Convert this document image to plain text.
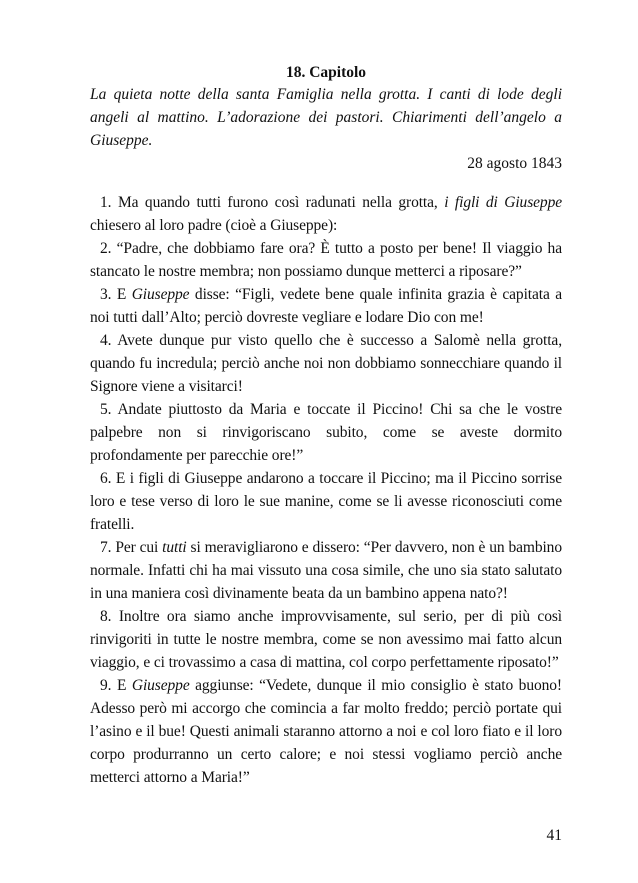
18. Capitolo

La quieta notte della santa Famiglia nella grotta. I canti di lode degli angeli al mattino. L’adorazione dei pastori. Chiarimenti dell’angelo a Giuseppe.

28 agosto 1843

1. Ma quando tutti furono così radunati nella grotta, i figli di Giuseppe chiesero al loro padre (cioè a Giuseppe):

2. “Padre, che dobbiamo fare ora? È tutto a posto per bene! Il viaggio ha stancato le nostre membra; non possiamo dunque metterci a riposare?”

3. E Giuseppe disse: “Figli, vedete bene quale infinita grazia è capitata a noi tutti dall’Alto; perciò dovreste vegliare e lodare Dio con me!

4. Avete dunque pur visto quello che è successo a Salomè nella grotta, quando fu incredula; perciò anche noi non dobbiamo sonnecchiare quando il Signore viene a visitarci!

5. Andate piuttosto da Maria e toccate il Piccino! Chi sa che le vostre palpebre non si rinvigoriscano subito, come se aveste dormito profondamente per parecchie ore!”

6. E i figli di Giuseppe andarono a toccare il Piccino; ma il Piccino sorrise loro e tese verso di loro le sue manine, come se li avesse riconosciuti come fratelli.

7. Per cui tutti si meravigliarono e dissero: “Per davvero, non è un bambino normale. Infatti chi ha mai vissuto una cosa simile, che uno sia stato salutato in una maniera così divinamente beata da un bambino appena nato?!

8. Inoltre ora siamo anche improvvisamente, sul serio, per di più così rinvigoriti in tutte le nostre membra, come se non avessimo mai fatto alcun viaggio, e ci trovassimo a casa di mattina, col corpo perfettamente riposato!”

9. E Giuseppe aggiunse: “Vedete, dunque il mio consiglio è stato buono! Adesso però mi accorgo che comincia a far molto freddo; perciò portate qui l’asino e il bue! Questi animali staranno attorno a noi e col loro fiato e il loro corpo produrranno un certo calore; e noi stessi vogliamo perciò anche metterci attorno a Maria!”

41
